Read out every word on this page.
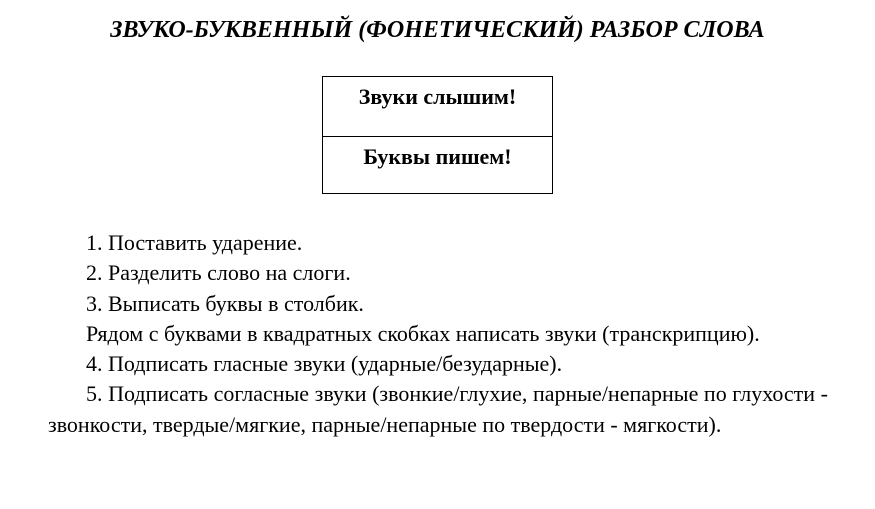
ЗВУКО-БУКВЕННЫЙ (ФОНЕТИЧЕСКИЙ) РАЗБОР СЛОВА
Звуки слышим!
Буквы пишем!

1. Поставить ударение.

2. Разделить слово на слоги.

3. Выписать буквы в столбик.

Рядом с буквами в квадратных скобках написать звуки (транскрипцию).

4. Подписать гласные звуки (ударные/безударные).

5. Подписать согласные звуки (звонкие/глухие, парные/непарные по глухости - звонкости, твердые/мягкие, парные/непарные по твердости - мягкости).
